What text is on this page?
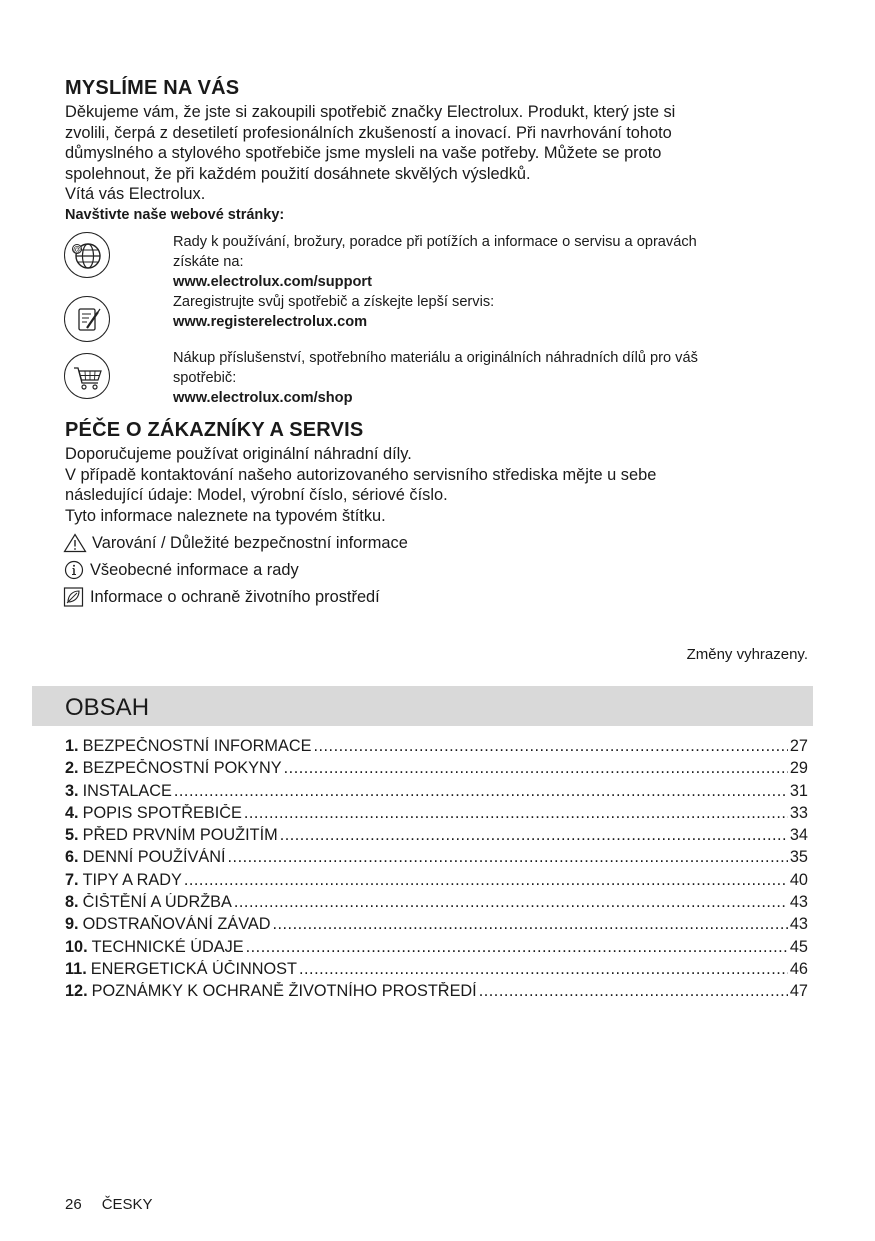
MYSLÍME NA VÁS
Děkujeme vám, že jste si zakoupili spotřebič značky Electrolux. Produkt, který jste si
zvolili, čerpá z desetiletí profesionálních zkušeností a inovací. Při navrhování tohoto
důmyslného a stylového spotřebiče jsme mysleli na vaše potřeby. Můžete se proto
spolehnout, že při každém použití dosáhnete skvělých výsledků.
Vítá vás Electrolux.
Navštivte naše webové stránky:
@	Rady k používání, brožury, poradce při potížích a informace o servisu a opravách
získáte na:
www.electrolux.com/support
Zaregistrujte svůj spotřebič a získejte lepší servis:
www.registerelectrolux.com
Nákup příslušenství, spotřebního materiálu a originálních náhradních dílů pro váš
spotřebič:
www.electrolux.com/shop
PÉČE O ZÁKAZNÍKY A SERVIS
Doporučujeme používat originální náhradní díly.
V případě kontaktování našeho autorizovaného servisního střediska mějte u sebe
následující údaje: Model, výrobní číslo, sériové číslo.
Tyto informace naleznete na typovém štítku.
Varování / Důležité bezpečnostní informace
Všeobecné informace a rady
Informace o ochraně životního prostředí
Změny vyhrazeny.
OBSAH
1. BEZPEČNOSTNÍ INFORMACE .....	27
2. BEZPEČNOSTNÍ POKYNY .....	29
3. INSTALACE .....	31
4. POPIS SPOTŘEBIČE .....	33
5. PŘED PRVNÍM POUŽITÍM .....	34
6. DENNÍ POUŽÍVÁNÍ .....	35
7. TIPY A RADY .....	40
8. ČIŠTĚNÍ A ÚDRŽBA .....	43
9. ODSTRAŇOVÁNÍ ZÁVAD .....	43
10. TECHNICKÉ ÚDAJE .....	45
11. ENERGETICKÁ ÚČINNOST .....	46
12. POZNÁMKY K OCHRANĚ ŽIVOTNÍHO PROSTŘEDÍ .....	47
26 ČESKY
